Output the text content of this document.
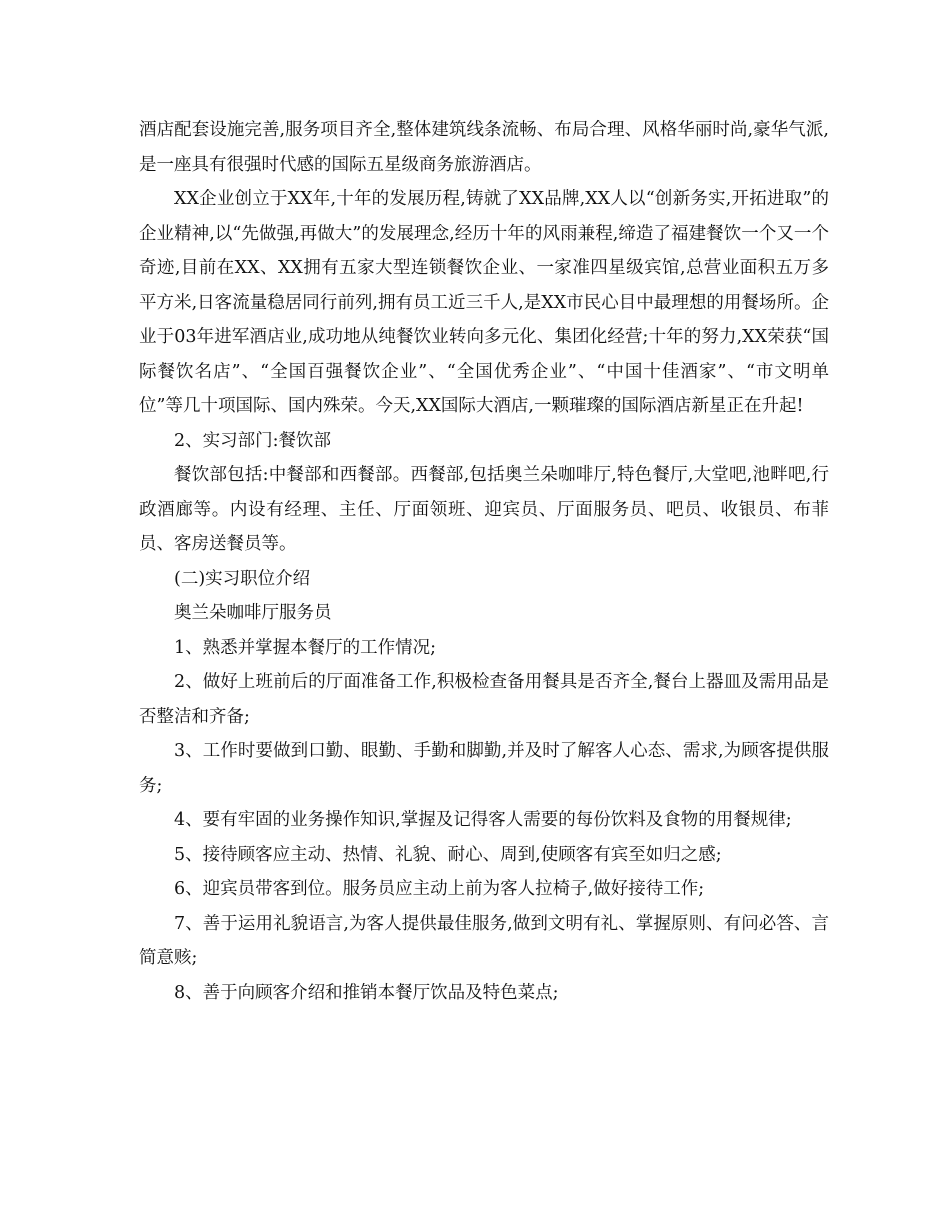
酒店配套设施完善,服务项目齐全,整体建筑线条流畅、布局合理、风格华丽时尚,豪华气派,是一座具有很强时代感的国际五星级商务旅游酒店。

XX企业创立于XX年,十年的发展历程,铸就了XX品牌,XX人以“创新务实,开拓进取”的企业精神,以“先做强,再做大”的发展理念,经历十年的风雨兼程,缔造了福建餐饮一个又一个奇迹,目前在XX、XX拥有五家大型连锁餐饮企业、一家准四星级宾馆,总营业面积五万多平方米,日客流量稳居同行前列,拥有员工近三千人,是XX市民心目中最理想的用餐场所。企业于03年进军酒店业,成功地从纯餐饮业转向多元化、集团化经营;十年的努力,XX荣获“国际餐饮名店”、“全国百强餐饮企业”、“全国优秀企业”、“中国十佳酒家”、“市文明单位”等几十项国际、国内殊荣。今天,XX国际大酒店,一颗璀璨的国际酒店新星正在升起!

2、实习部门:餐饮部

餐饮部包括:中餐部和西餐部。西餐部,包括奥兰朵咖啡厅,特色餐厅,大堂吧,池畔吧,行政酒廊等。内设有经理、主任、厅面领班、迎宾员、厅面服务员、吧员、收银员、布菲员、客房送餐员等。

(二)实习职位介绍

奥兰朵咖啡厅服务员

1、熟悉并掌握本餐厅的工作情况;

2、做好上班前后的厅面准备工作,积极检查备用餐具是否齐全,餐台上器皿及需用品是否整洁和齐备;

3、工作时要做到口勤、眼勤、手勤和脚勤,并及时了解客人心态、需求,为顾客提供服务;

4、要有牢固的业务操作知识,掌握及记得客人需要的每份饮料及食物的用餐规律;

5、接待顾客应主动、热情、礼貌、耐心、周到,使顾客有宾至如归之感;

6、迎宾员带客到位。服务员应主动上前为客人拉椅子,做好接待工作;

7、善于运用礼貌语言,为客人提供最佳服务,做到文明有礼、掌握原则、有问必答、言简意赅;

8、善于向顾客介绍和推销本餐厅饮品及特色菜点;
